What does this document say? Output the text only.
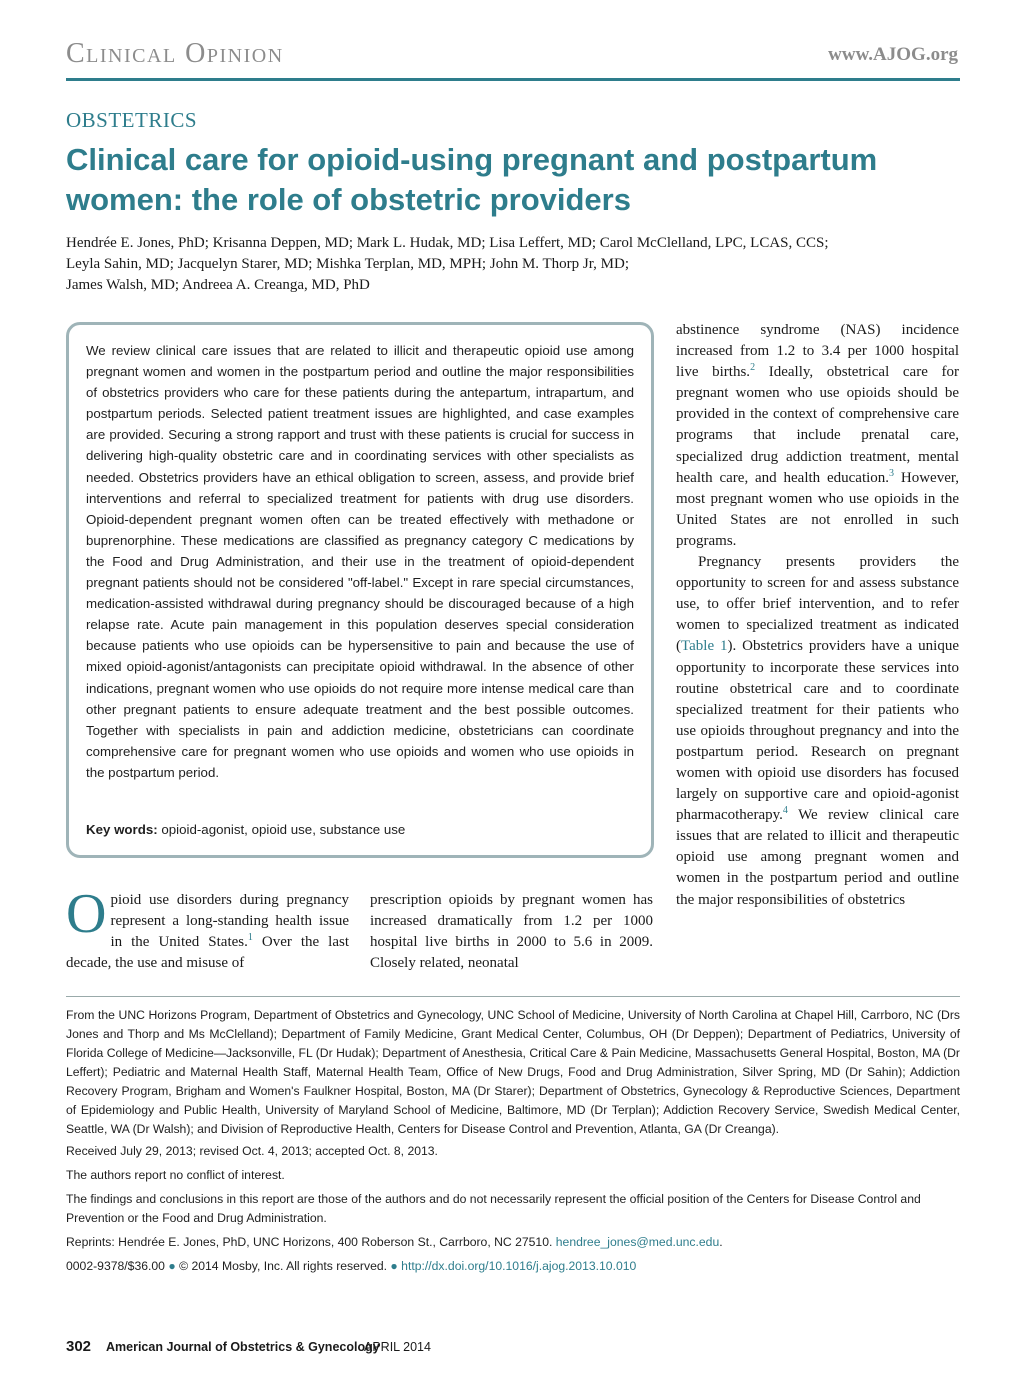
Clinical Opinion	www.AJOG.org
OBSTETRICS
Clinical care for opioid-using pregnant and postpartum women: the role of obstetric providers
Hendrée E. Jones, PhD; Krisanna Deppen, MD; Mark L. Hudak, MD; Lisa Leffert, MD; Carol McClelland, LPC, LCAS, CCS;
Leyla Sahin, MD; Jacquelyn Starer, MD; Mishka Terplan, MD, MPH; John M. Thorp Jr, MD;
James Walsh, MD; Andreea A. Creanga, MD, PhD
We review clinical care issues that are related to illicit and therapeutic opioid use among pregnant women and women in the postpartum period and outline the major responsibilities of obstetrics providers who care for these patients during the antepartum, intrapartum, and postpartum periods. Selected patient treatment issues are highlighted, and case examples are provided. Securing a strong rapport and trust with these patients is crucial for success in delivering high-quality obstetric care and in coordinating services with other specialists as needed. Obstetrics providers have an ethical obligation to screen, assess, and provide brief interventions and referral to specialized treatment for patients with drug use disorders. Opioid-dependent pregnant women often can be treated effectively with methadone or buprenorphine. These medications are classified as pregnancy category C medications by the Food and Drug Administration, and their use in the treatment of opioid-dependent pregnant patients should not be considered "off-label." Except in rare special circumstances, medication-assisted withdrawal during pregnancy should be discouraged because of a high relapse rate. Acute pain management in this population deserves special consideration because patients who use opioids can be hypersensitive to pain and because the use of mixed opioid-agonist/antagonists can precipitate opioid withdrawal. In the absence of other indications, pregnant women who use opioids do not require more intense medical care than other pregnant patients to ensure adequate treatment and the best possible outcomes. Together with specialists in pain and addiction medicine, obstetricians can coordinate comprehensive care for pregnant women who use opioids and women who use opioids in the postpartum period.
Key words: opioid-agonist, opioid use, substance use

Opioid use disorders during pregnancy represent a long-standing health issue in the United States.$^1$ Over the last decade, the use and misuse of

prescription opioids by pregnant women has increased dramatically from 1.2 per 1000 hospital live births in 2000 to 5.6 in 2009. Closely related, neonatal

abstinence syndrome (NAS) incidence increased from 1.2 to 3.4 per 1000 hospital live births.$^2$ Ideally, obstetrical care for pregnant women who use opioids should be provided in the context of comprehensive care programs that include prenatal care, specialized drug addiction treatment, mental health care, and health education.$^3$ However, most pregnant women who use opioids in the United States are not enrolled in such programs.

Pregnancy presents providers the opportunity to screen for and assess substance use, to offer brief intervention, and to refer women to specialized treatment as indicated (Table 1). Obstetrics providers have a unique opportunity to incorporate these services into routine obstetrical care and to coordinate specialized treatment for their patients who use opioids throughout pregnancy and into the postpartum period. Research on pregnant women with opioid use disorders has focused largely on supportive care and opioid-agonist pharmacotherapy.$^4$ We review clinical care issues that are related to illicit and therapeutic opioid use among pregnant women and women in the postpartum period and outline the major responsibilities of obstetrics

From the UNC Horizons Program, Department of Obstetrics and Gynecology, UNC School of Medicine, University of North Carolina at Chapel Hill, Carrboro, NC (Drs Jones and Thorp and Ms McClelland); Department of Family Medicine, Grant Medical Center, Columbus, OH (Dr Deppen); Department of Pediatrics, University of Florida College of Medicine—Jacksonville, FL (Dr Hudak); Department of Anesthesia, Critical Care & Pain Medicine, Massachusetts General Hospital, Boston, MA (Dr Leffert); Pediatric and Maternal Health Staff, Maternal Health Team, Office of New Drugs, Food and Drug Administration, Silver Spring, MD (Dr Sahin); Addiction Recovery Program, Brigham and Women's Faulkner Hospital, Boston, MA (Dr Starer); Department of Obstetrics, Gynecology & Reproductive Sciences, Department of Epidemiology and Public Health, University of Maryland School of Medicine, Baltimore, MD (Dr Terplan); Addiction Recovery Service, Swedish Medical Center, Seattle, WA (Dr Walsh); and Division of Reproductive Health, Centers for Disease Control and Prevention, Atlanta, GA (Dr Creanga).

Received July 29, 2013; revised Oct. 4, 2013; accepted Oct. 8, 2013.

The authors report no conflict of interest.

The findings and conclusions in this report are those of the authors and do not necessarily represent the official position of the Centers for Disease Control and Prevention or the Food and Drug Administration.

Reprints: Hendrée E. Jones, PhD, UNC Horizons, 400 Roberson St., Carrboro, NC 27510. hendree_jones@med.unc.edu.

0002-9378/$36.00 ● © 2014 Mosby, Inc. All rights reserved. ● http://dx.doi.org/10.1016/j.ajog.2013.10.010

302 American Journal of Obstetrics & Gynecology
APRIL 2014
